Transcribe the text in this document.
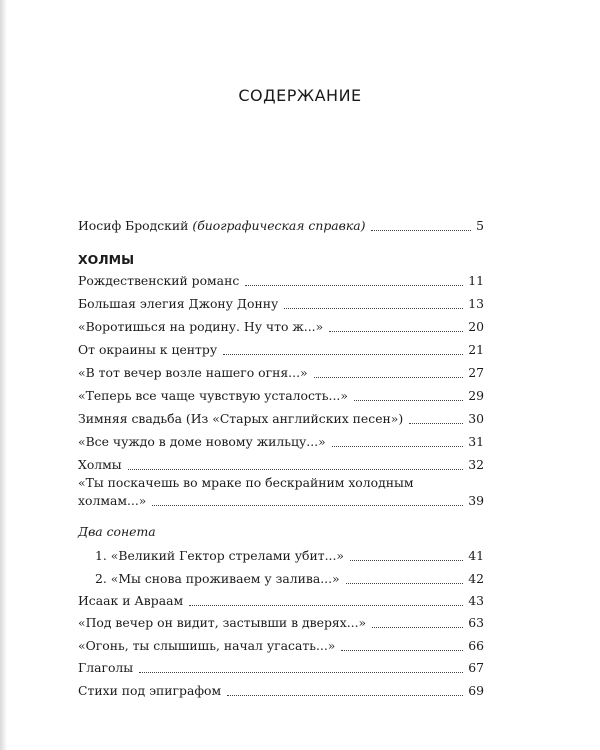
СОДЕРЖАНИЕ
Иосиф Бродский (биографическая справка)	5
ХОЛМЫ
Рождественский романс	11
Большая элегия Джону Донну	13
«Воротишься на родину. Ну что ж...»	20
От окраины к центру	21
«В тот вечер возле нашего огня...»	27
«Теперь все чаще чувствую усталость...»	29
Зимняя свадьба (Из «Старых английских песен»)	30
«Все чуждо в доме новому жильцу...»	31
Холмы	32
«Ты поскачешь во мраке по бескрайним холодным
холмам...»	39
Два сонета
1. «Великий Гектор стрелами убит...»	41
2. «Мы снова проживаем у залива...»	42
Исаак и Авраам	43
«Под вечер он видит, застывши в дверях...»	63
«Огонь, ты слышишь, начал угасать...»	66
Глаголы	67
Стихи под эпиграфом	69
